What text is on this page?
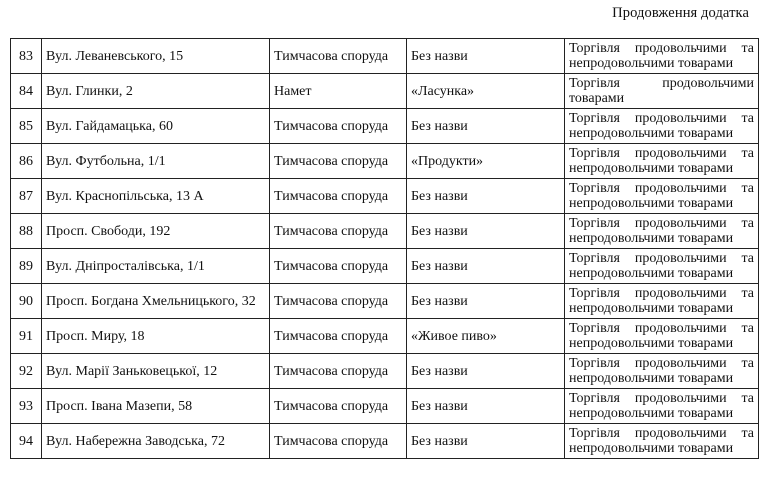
Продовження додатка
83	Вул. Леваневського, 15	Тимчасова споруда	Без назви	Торгівля продовольчими та непродовольчими товарами
84	Вул. Глинки, 2	Намет	«Ласунка»	Торгівля продовольчими товарами
85	Вул. Гайдамацька, 60	Тимчасова споруда	Без назви	Торгівля продовольчими та непродовольчими товарами
86	Вул. Футбольна, 1/1	Тимчасова споруда	«Продукти»	Торгівля продовольчими та непродовольчими товарами
87	Вул. Краснопільська, 13 А	Тимчасова споруда	Без назви	Торгівля продовольчими та непродовольчими товарами
88	Просп. Свободи, 192	Тимчасова споруда	Без назви	Торгівля продовольчими та непродовольчими товарами
89	Вул. Дніпросталівська, 1/1	Тимчасова споруда	Без назви	Торгівля продовольчими та непродовольчими товарами
90	Просп. Богдана Хмельницького, 32	Тимчасова споруда	Без назви	Торгівля продовольчими та непродовольчими товарами
91	Просп. Миру, 18	Тимчасова споруда	«Живое пиво»	Торгівля продовольчими та непродовольчими товарами
92	Вул. Марії Заньковецької, 12	Тимчасова споруда	Без назви	Торгівля продовольчими та непродовольчими товарами
93	Просп. Івана Мазепи, 58	Тимчасова споруда	Без назви	Торгівля продовольчими та непродовольчими товарами
94	Вул. Набережна Заводська, 72	Тимчасова споруда	Без назви	Торгівля продовольчими та непродовольчими товарами
